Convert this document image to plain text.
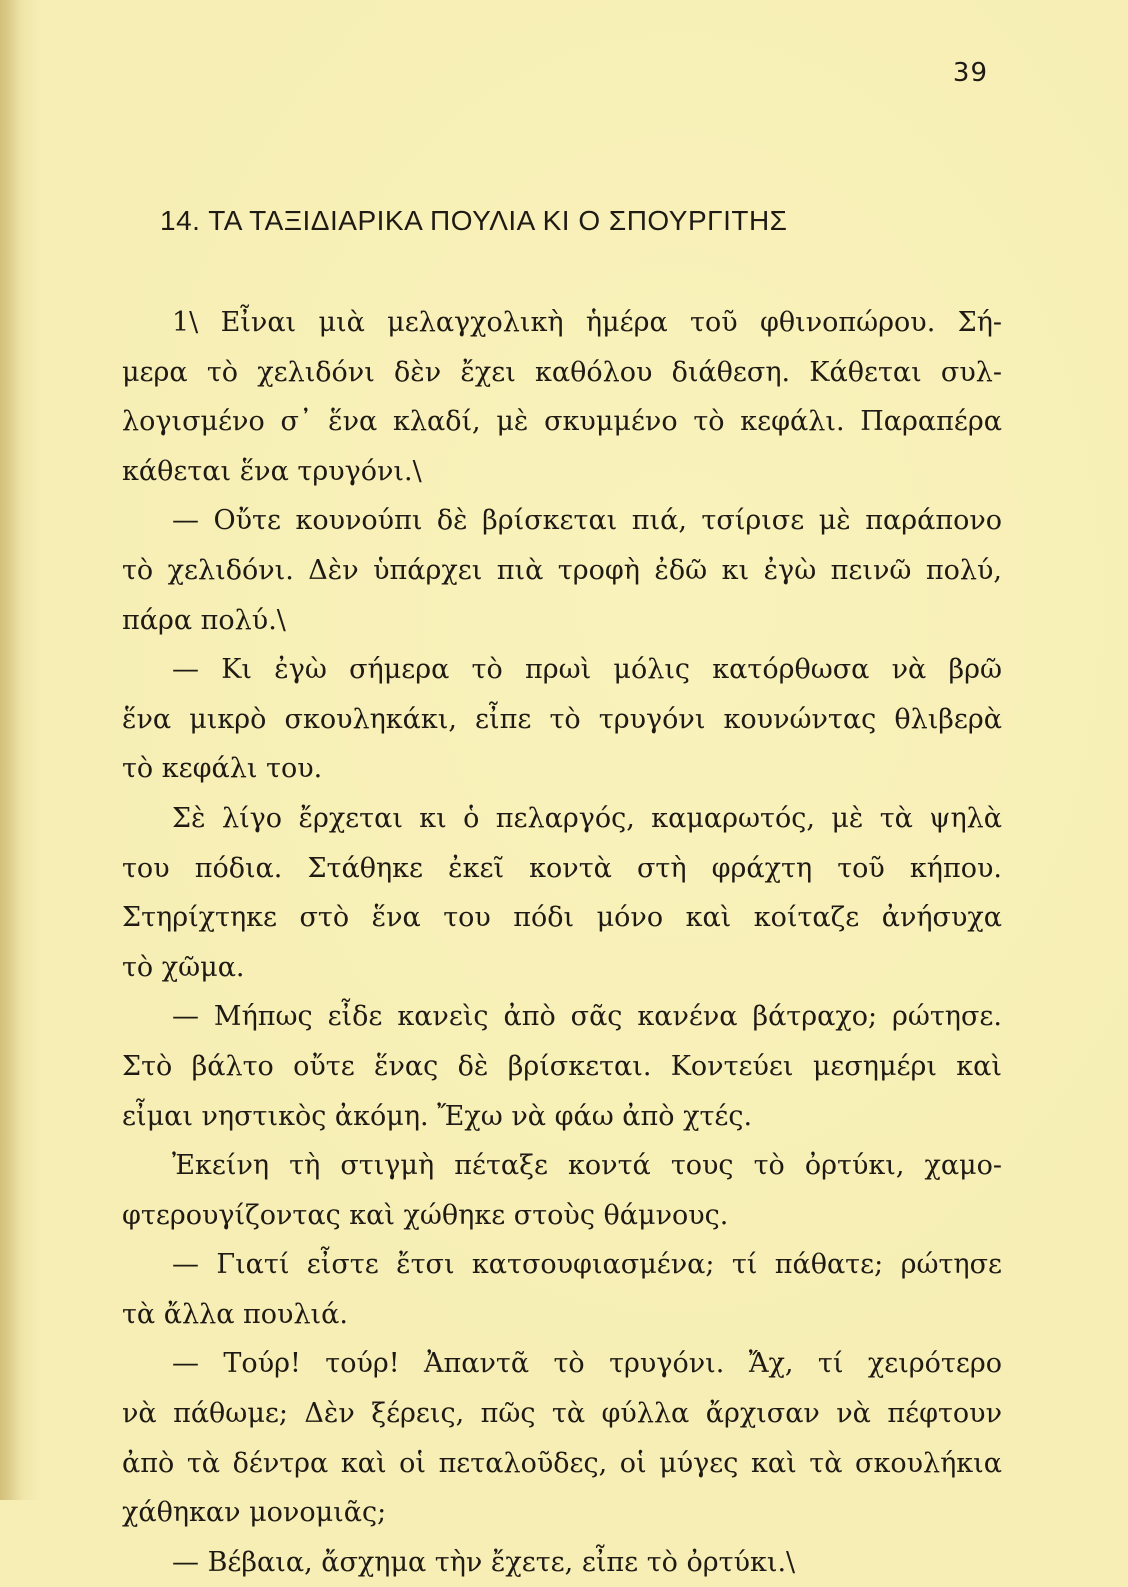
39
14. ΤΑ ΤΑΞΙΔΙΑΡΙΚΑ ΠΟΥΛΙΑ ΚΙ Ο ΣΠΟΥΡΓΙΤΗΣ
1\ Εἶναι μιὰ μελαγχολικὴ ἡμέρα τοῦ φθινοπώρου. Σή-
μερα τὸ χελιδόνι δὲν ἔχει καθόλου διάθεση. Κάθεται συλ-
λογισμένο σ᾽ ἕνα κλαδί, μὲ σκυμμένο τὸ κεφάλι. Παραπέρα
κάθεται ἕνα τρυγόνι.\
— Οὔτε κουνούπι δὲ βρίσκεται πιά, τσίρισε μὲ παράπονο
τὸ χελιδόνι. Δὲν ὑπάρχει πιὰ τροφὴ ἐδῶ κι ἐγὼ πεινῶ πολύ,
πάρα πολύ.\
— Κι ἐγὼ σήμερα τὸ πρωὶ μόλις κατόρθωσα νὰ βρῶ
ἕνα μικρὸ σκουληκάκι, εἶπε τὸ τρυγόνι κουνώντας θλιβερὰ
τὸ κεφάλι του.
Σὲ λίγο ἔρχεται κι ὁ πελαργός, καμαρωτός, μὲ τὰ ψηλὰ
του πόδια. Στάθηκε ἐκεῖ κοντὰ στὴ φράχτη τοῦ κήπου.
Στηρίχτηκε στὸ ἕνα του πόδι μόνο καὶ κοίταζε ἀνήσυχα
τὸ χῶμα.
— Μήπως εἶδε κανεὶς ἀπὸ σᾶς κανένα βάτραχο; ρώτησε.
Στὸ βάλτο οὔτε ἕνας δὲ βρίσκεται. Κοντεύει μεσημέρι καὶ
εἶμαι νηστικὸς ἀκόμη. Ἔχω νὰ φάω ἀπὸ χτές.
Ἐκείνη τὴ στιγμὴ πέταξε κοντά τους τὸ ὀρτύκι, χαμο-
φτερουγίζοντας καὶ χώθηκε στοὺς θάμνους.
— Γιατί εἶστε ἔτσι κατσουφιασμένα; τί πάθατε; ρώτησε
τὰ ἄλλα πουλιά.
— Τούρ! τούρ! Ἀπαντᾶ τὸ τρυγόνι. Ἄχ, τί χειρότερο
νὰ πάθωμε; Δὲν ξέρεις, πῶς τὰ φύλλα ἄρχισαν νὰ πέφτουν
ἀπὸ τὰ δέντρα καὶ οἱ πεταλοῦδες, οἱ μύγες καὶ τὰ σκουλήκια
χάθηκαν μονομιᾶς;
— Βέβαια, ἄσχημα τὴν ἔχετε, εἶπε τὸ ὀρτύκι.\
